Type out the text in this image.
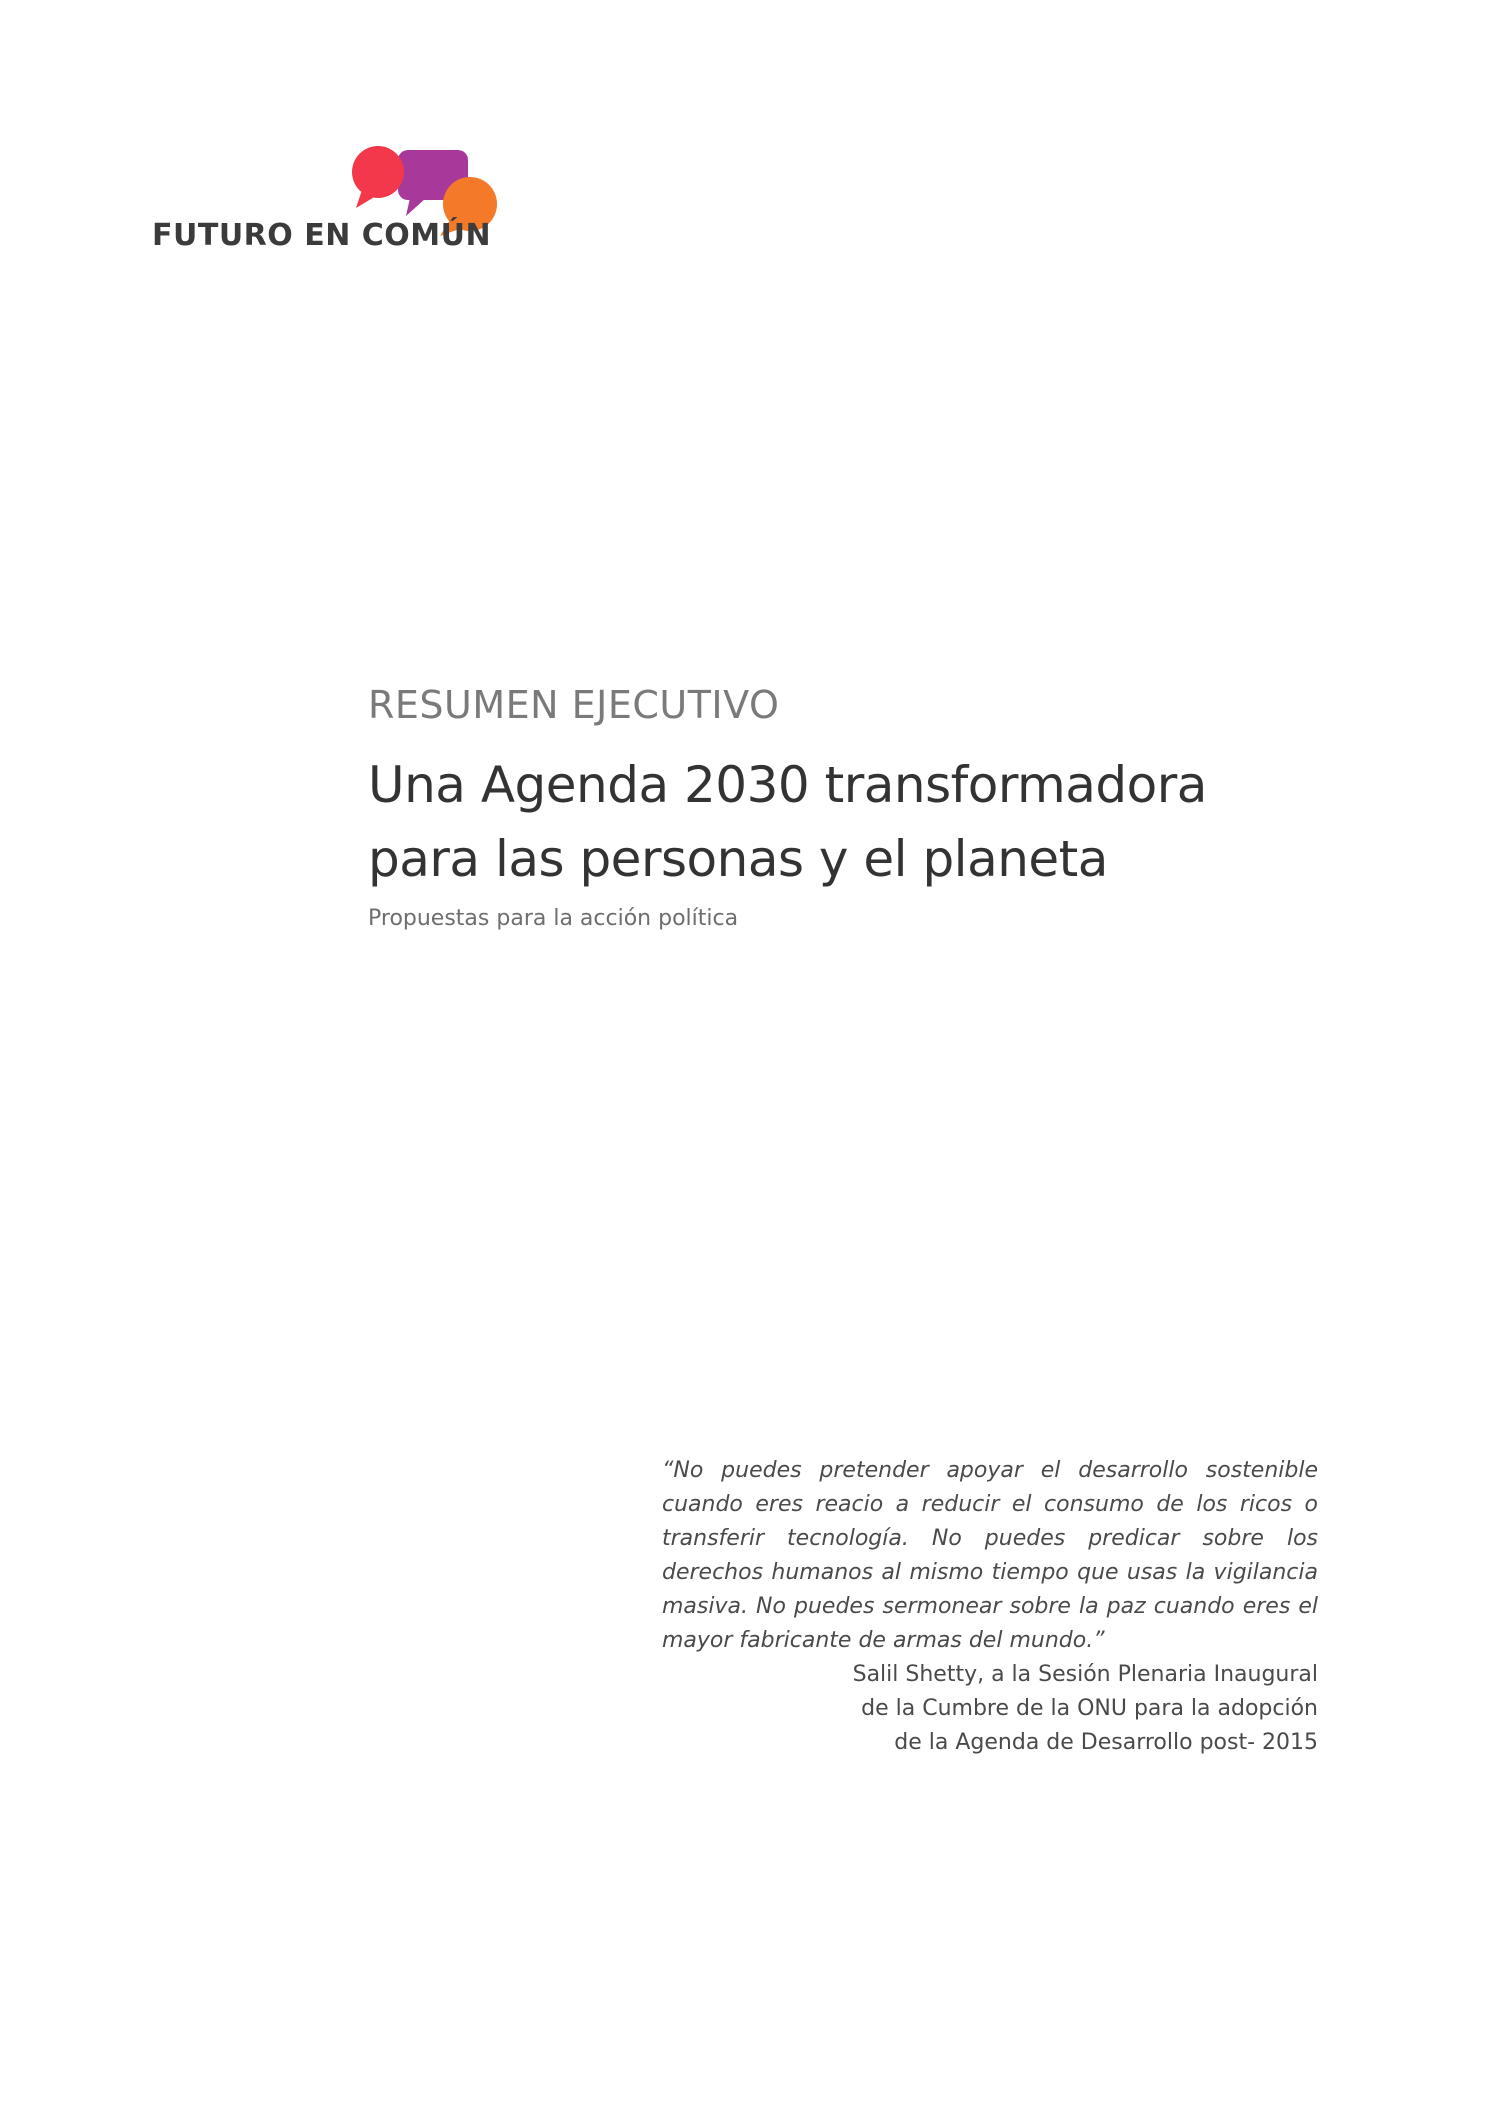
FUTURO EN COMÚN

RESUMEN EJECUTIVO

Una Agenda 2030 transformadora
para las personas y el planeta

Propuestas para la acción política

“No puedes pretender apoyar el desarrollo sostenible cuando eres reacio a reducir el consumo de los ricos o transferir tecnología. No puedes predicar sobre los derechos humanos al mismo tiempo que usas la vigilancia masiva. No puedes sermonear sobre la paz cuando eres el mayor fabricante de armas del mundo.”

Salil Shetty, a la Sesión Plenaria Inaugural
de la Cumbre de la ONU para la adopción
de la Agenda de Desarrollo post- 2015
